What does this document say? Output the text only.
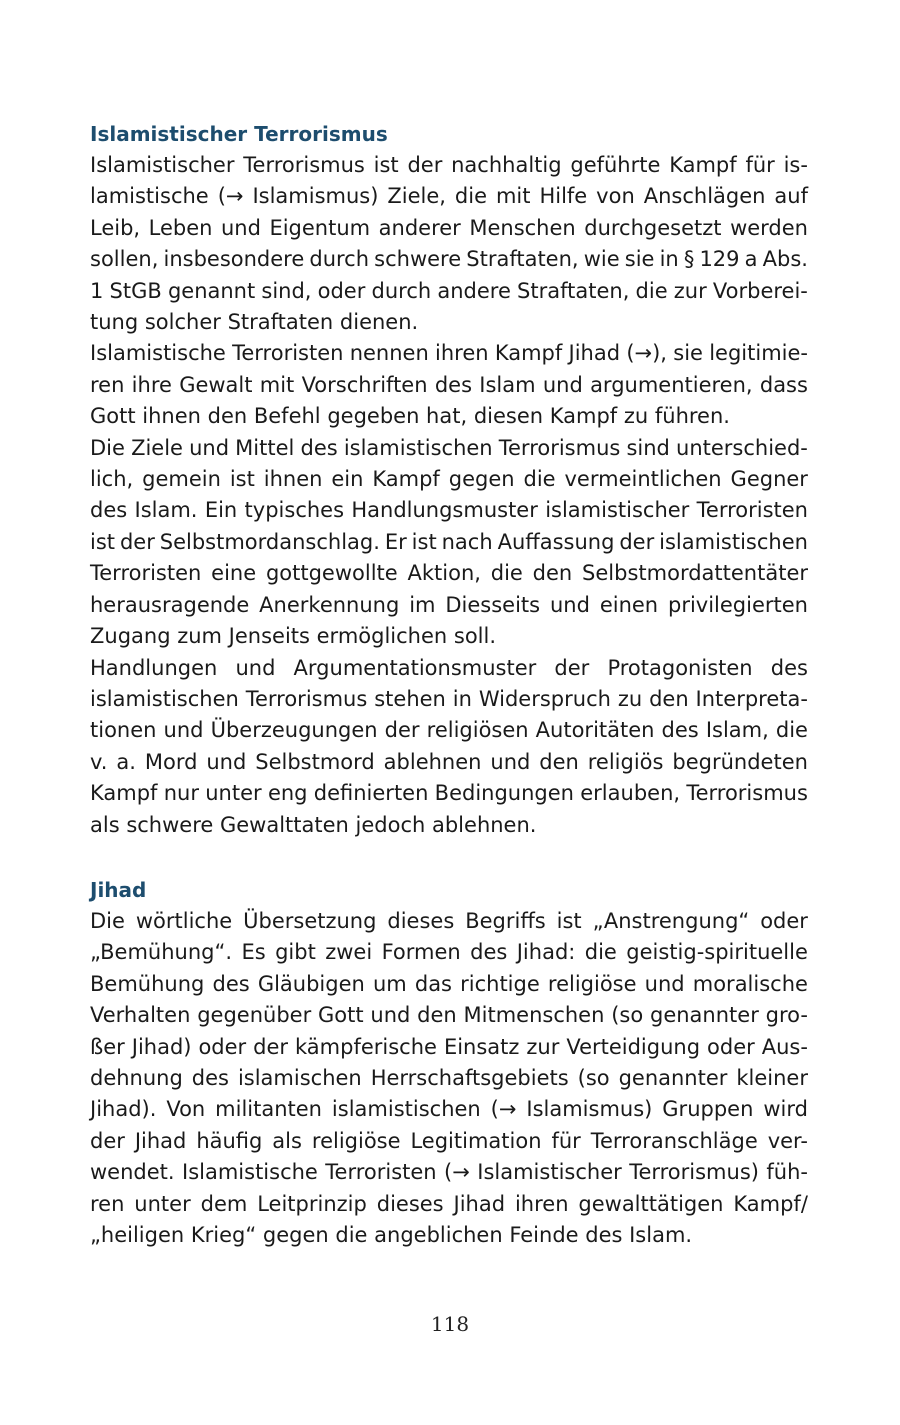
Islamistischer Terrorismus
Islamistischer Terrorismus ist der nachhaltig geführte Kampf für is-
lamistische (→ Islamismus) Ziele, die mit Hilfe von Anschlägen auf
Leib, Leben und Eigentum anderer Menschen durchgesetzt werden
sollen, insbesondere durch schwere Straftaten, wie sie in § 129 a Abs.
1 StGB genannt sind, oder durch andere Straftaten, die zur Vorberei-
tung solcher Straftaten dienen.
Islamistische Terroristen nennen ihren Kampf Jihad (→), sie legitimie-
ren ihre Gewalt mit Vorschriften des Islam und argumentieren, dass
Gott ihnen den Befehl gegeben hat, diesen Kampf zu führen.
Die Ziele und Mittel des islamistischen Terrorismus sind unterschied-
lich, gemein ist ihnen ein Kampf gegen die vermeintlichen Gegner
des Islam. Ein typisches Handlungsmuster islamistischer Terroristen
ist der Selbstmordanschlag. Er ist nach Auffassung der islamistischen
Terroristen eine gottgewollte Aktion, die den Selbstmordattentäter
herausragende Anerkennung im Diesseits und einen privilegierten
Zugang zum Jenseits ermöglichen soll.
Handlungen und Argumentationsmuster der Protagonisten des
islamistischen Terrorismus stehen in Widerspruch zu den Interpreta-
tionen und Überzeugungen der religiösen Autoritäten des Islam, die
v. a. Mord und Selbstmord ablehnen und den religiös begründeten
Kampf nur unter eng definierten Bedingungen erlauben, Terrorismus
als schwere Gewalttaten jedoch ablehnen.
Jihad
Die wörtliche Übersetzung dieses Begriffs ist „Anstrengung“ oder
„Bemühung“. Es gibt zwei Formen des Jihad: die geistig-spirituelle
Bemühung des Gläubigen um das richtige religiöse und moralische
Verhalten gegenüber Gott und den Mitmenschen (so genannter gro-
ßer Jihad) oder der kämpferische Einsatz zur Verteidigung oder Aus-
dehnung des islamischen Herrschaftsgebiets (so genannter kleiner
Jihad). Von militanten islamistischen (→ Islamismus) Gruppen wird
der Jihad häufig als religiöse Legitimation für Terroranschläge ver-
wendet. Islamistische Terroristen (→ Islamistischer Terrorismus) füh-
ren unter dem Leitprinzip dieses Jihad ihren gewalttätigen Kampf/
„heiligen Krieg“ gegen die angeblichen Feinde des Islam.
118
